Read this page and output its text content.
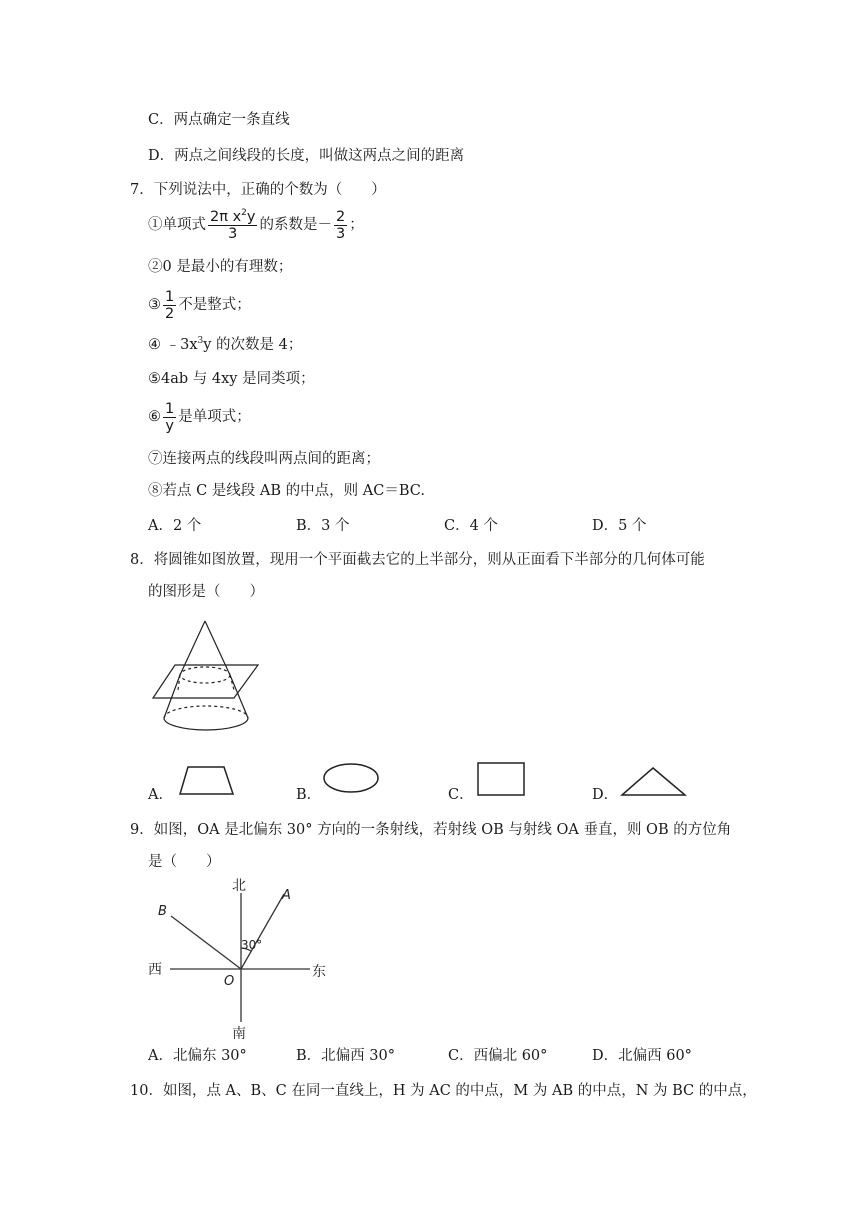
C．两点确定一条直线
D．两点之间线段的长度，叫做这两点之间的距离
7．下列说法中，正确的个数为（　　）
①单项式 $\frac{2\pi x^2y}{3}$ 的系数是－ $\frac{2}{3}$ ；
②0 是最小的有理数；
③ $\frac{1}{2}$ 不是整式；
④ $﹣3x^3y$ 的次数是 4；
⑤4ab 与 4xy 是同类项；
⑥ $\frac{1}{y}$ 是单项式；
⑦连接两点的线段叫两点间的距离；
⑧若点 C 是线段 AB 的中点，则 AC＝BC.
A．2 个	B．3 个	C．4 个	D．5 个
8．将圆锥如图放置，现用一个平面截去它的上半部分，则从正面看下半部分的几何体可能
的图形是（　　）
A．	B．	C．	D．
9．如图，OA 是北偏东 30° 方向的一条射线，若射线 OB 与射线 OA 垂直，则 OB 的方位角
是（　　）
北
南
西	东
A
B
O
30°
A．北偏东 30°	B．北偏西 30°	C．西偏北 60°	D．北偏西 60°
10．如图，点 A、B、C 在同一直线上，H 为 AC 的中点，M 为 AB 的中点，N 为 BC 的中点，
